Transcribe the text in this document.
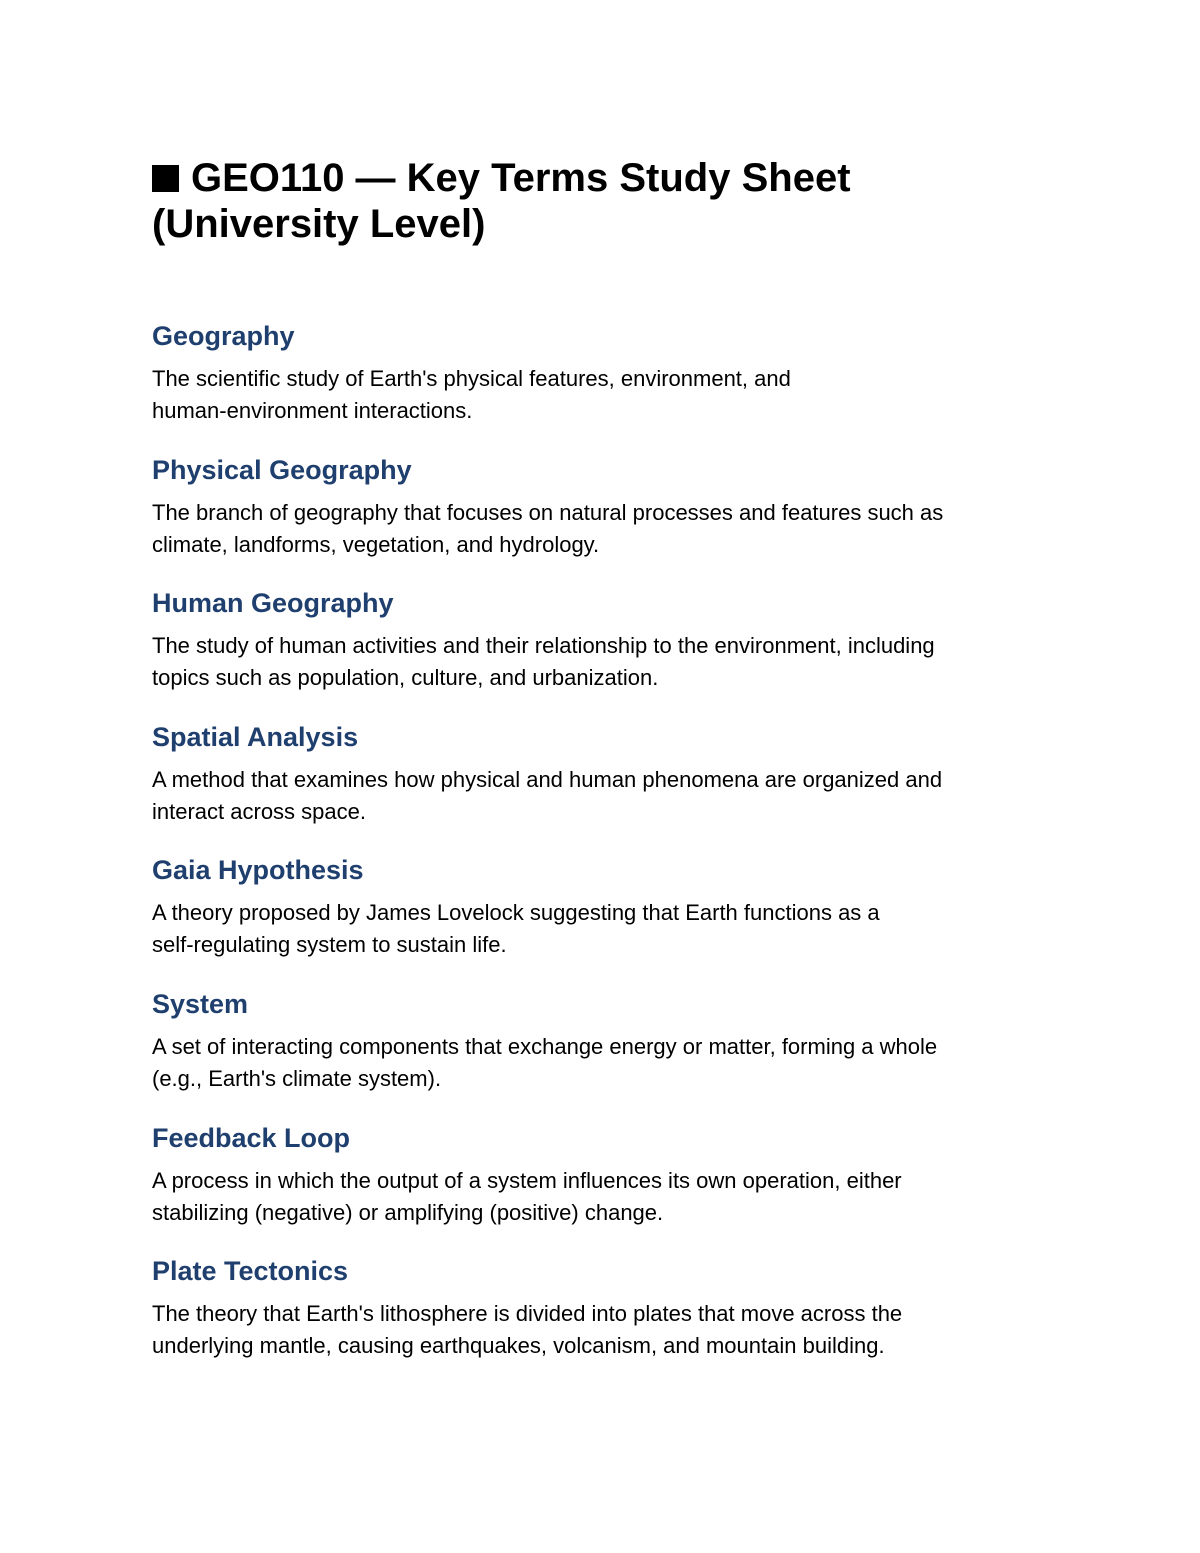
GEO110 — Key Terms Study Sheet
(University Level)
Geography

The scientific study of Earth's physical features, environment, and
human-environment interactions.

Physical Geography

The branch of geography that focuses on natural processes and features such as
climate, landforms, vegetation, and hydrology.

Human Geography

The study of human activities and their relationship to the environment, including
topics such as population, culture, and urbanization.

Spatial Analysis

A method that examines how physical and human phenomena are organized and
interact across space.

Gaia Hypothesis

A theory proposed by James Lovelock suggesting that Earth functions as a
self-regulating system to sustain life.

System

A set of interacting components that exchange energy or matter, forming a whole
(e.g., Earth's climate system).

Feedback Loop

A process in which the output of a system influences its own operation, either
stabilizing (negative) or amplifying (positive) change.

Plate Tectonics

The theory that Earth's lithosphere is divided into plates that move across the
underlying mantle, causing earthquakes, volcanism, and mountain building.
